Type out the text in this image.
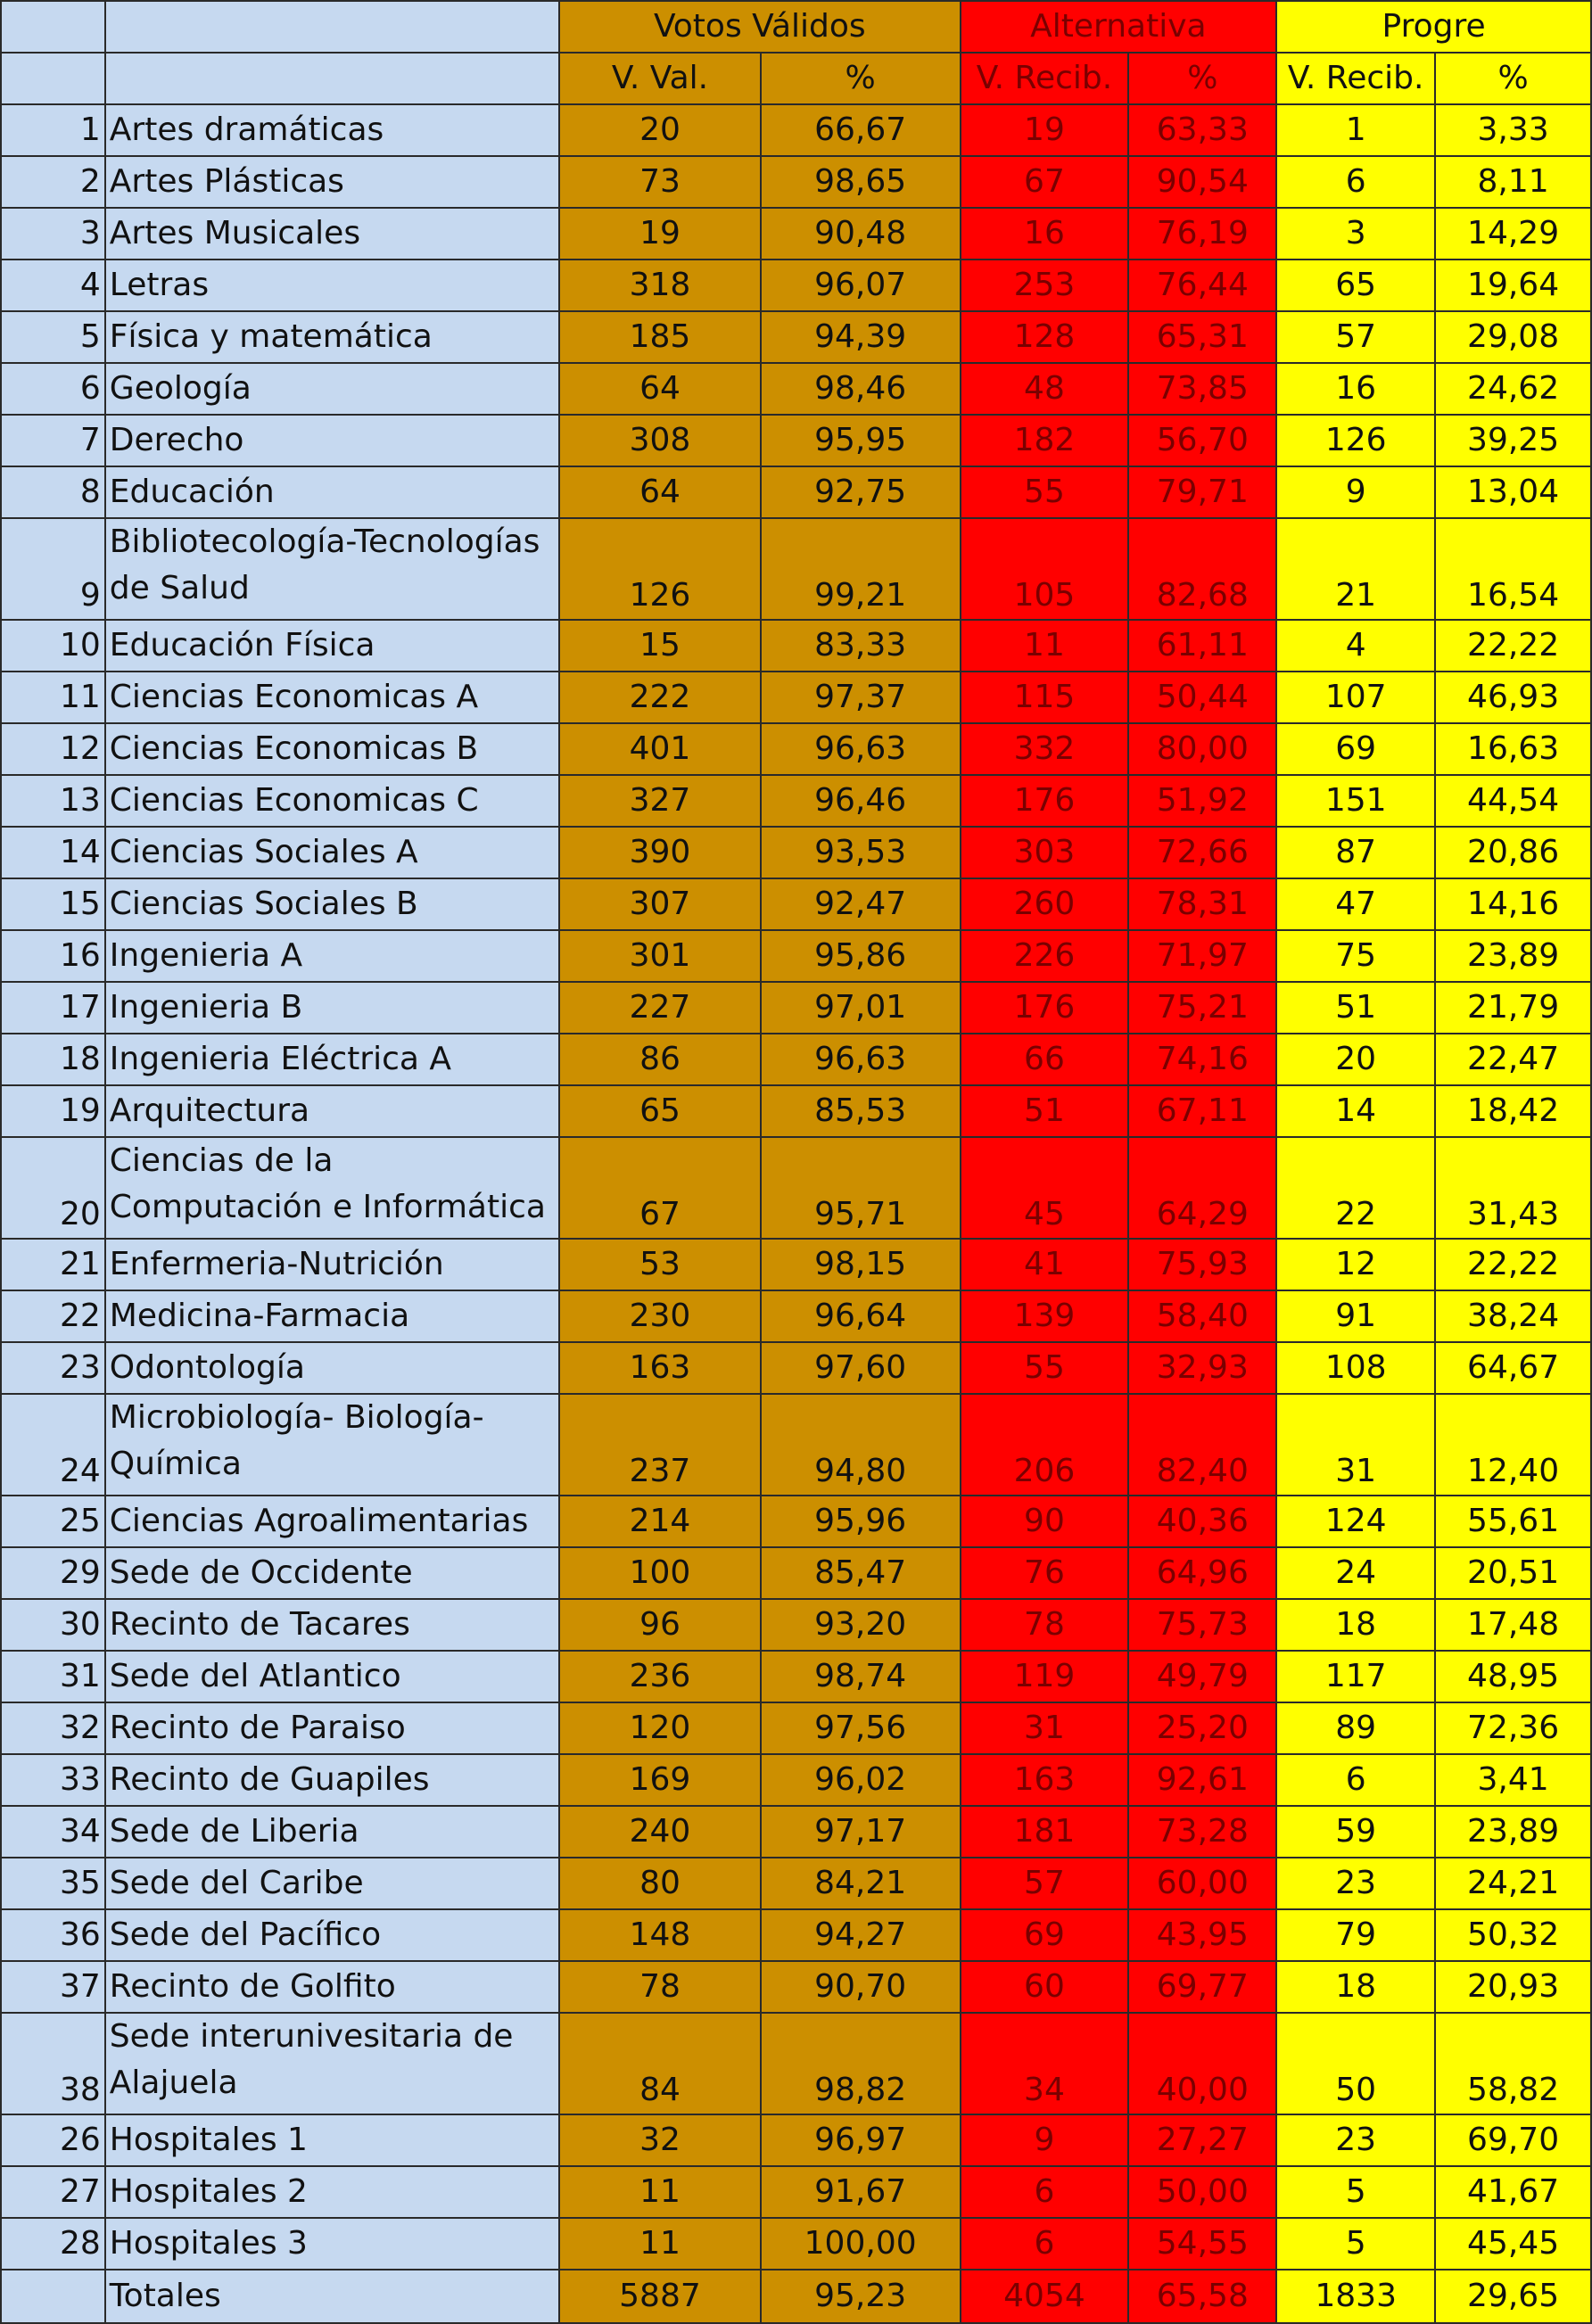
		Votos Válidos		Alternativa		Progre	
		V. Val.	%	V. Recib.	%	V. Recib.	%
1	Artes dramáticas	20	66,67	19	63,33	1	3,33
2	Artes Plásticas	73	98,65	67	90,54	6	8,11
3	Artes Musicales	19	90,48	16	76,19	3	14,29
4	Letras	318	96,07	253	76,44	65	19,64
5	Física y matemática	185	94,39	128	65,31	57	29,08
6	Geología	64	98,46	48	73,85	16	24,62
7	Derecho	308	95,95	182	56,70	126	39,25
8	Educación	64	92,75	55	79,71	9	13,04
9	Bibliotecología-Tecnologías de Salud	126	99,21	105	82,68	21	16,54
10	Educación Física	15	83,33	11	61,11	4	22,22
11	Ciencias Economicas A	222	97,37	115	50,44	107	46,93
12	Ciencias Economicas B	401	96,63	332	80,00	69	16,63
13	Ciencias Economicas C	327	96,46	176	51,92	151	44,54
14	Ciencias Sociales A	390	93,53	303	72,66	87	20,86
15	Ciencias Sociales B	307	92,47	260	78,31	47	14,16
16	Ingenieria A	301	95,86	226	71,97	75	23,89
17	Ingenieria B	227	97,01	176	75,21	51	21,79
18	Ingenieria Eléctrica A	86	96,63	66	74,16	20	22,47
19	Arquitectura	65	85,53	51	67,11	14	18,42
20	Ciencias de la Computación e Informática	67	95,71	45	64,29	22	31,43
21	Enfermeria-Nutrición	53	98,15	41	75,93	12	22,22
22	Medicina-Farmacia	230	96,64	139	58,40	91	38,24
23	Odontología	163	97,60	55	32,93	108	64,67
24	Microbiología- Biología-Química	237	94,80	206	82,40	31	12,40
25	Ciencias Agroalimentarias	214	95,96	90	40,36	124	55,61
29	Sede de Occidente	100	85,47	76	64,96	24	20,51
30	Recinto de Tacares	96	93,20	78	75,73	18	17,48
31	Sede del Atlantico	236	98,74	119	49,79	117	48,95
32	Recinto de Paraiso	120	97,56	31	25,20	89	72,36
33	Recinto de Guapiles	169	96,02	163	92,61	6	3,41
34	Sede de Liberia	240	97,17	181	73,28	59	23,89
35	Sede del Caribe	80	84,21	57	60,00	23	24,21
36	Sede del Pacífico	148	94,27	69	43,95	79	50,32
37	Recinto de Golfito	78	90,70	60	69,77	18	20,93
38	Sede interunivesitaria de Alajuela	84	98,82	34	40,00	50	58,82
26	Hospitales 1	32	96,97	9	27,27	23	69,70
27	Hospitales 2	11	91,67	6	50,00	5	41,67
28	Hospitales 3	11	100,00	6	54,55	5	45,45
	Totales	5887	95,23	4054	65,58	1833	29,65
